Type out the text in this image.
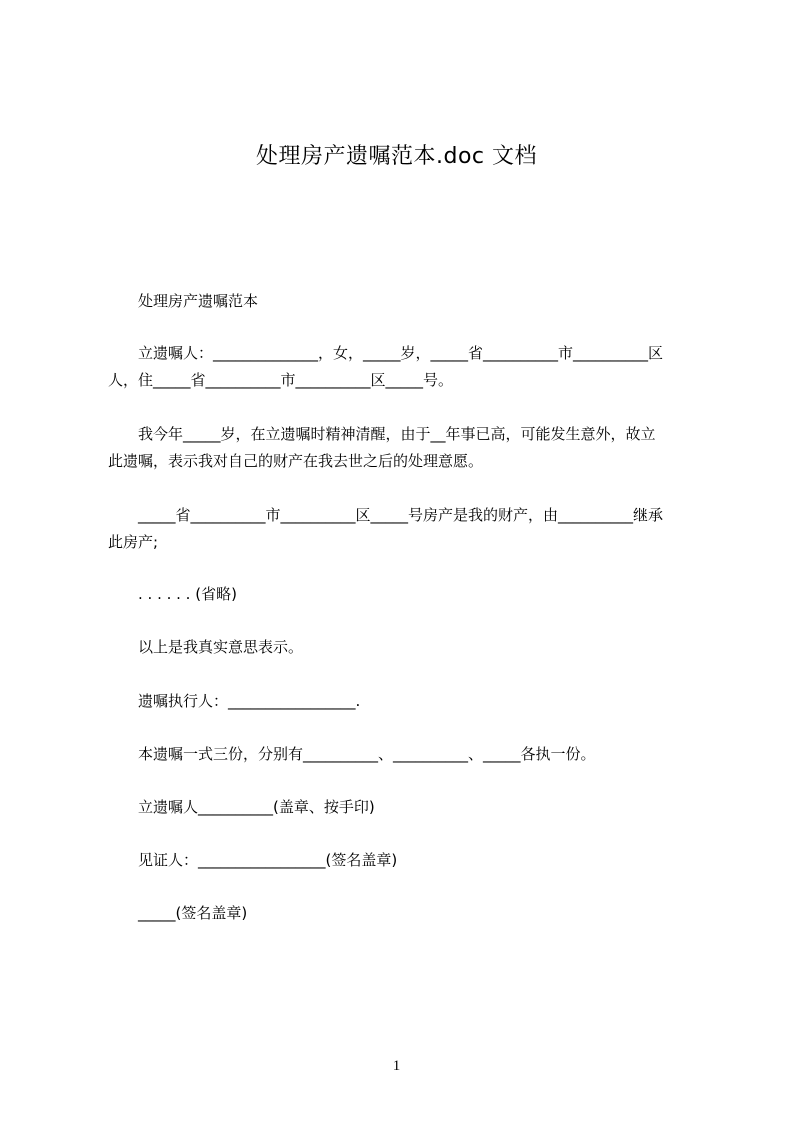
处理房产遗嘱范本.doc 文档
处理房产遗嘱范本
立遗嘱人：______________，女，_____岁，_____省__________市__________区
人，住_____省__________市__________区_____号。
我今年_____岁，在立遗嘱时精神清醒，由于__年事已高，可能发生意外，故立
此遗嘱，表示我对自己的财产在我去世之后的处理意愿。
_____省__________市__________区_____号房产是我的财产，由__________继承
此房产;
. . . . . . (省略)
以上是我真实意思表示。
遗嘱执行人：_________________.
本遗嘱一式三份，分别有__________、__________、_____各执一份。
立遗嘱人__________(盖章、按手印)
见证人：_________________(签名盖章)
_____(签名盖章)
1
